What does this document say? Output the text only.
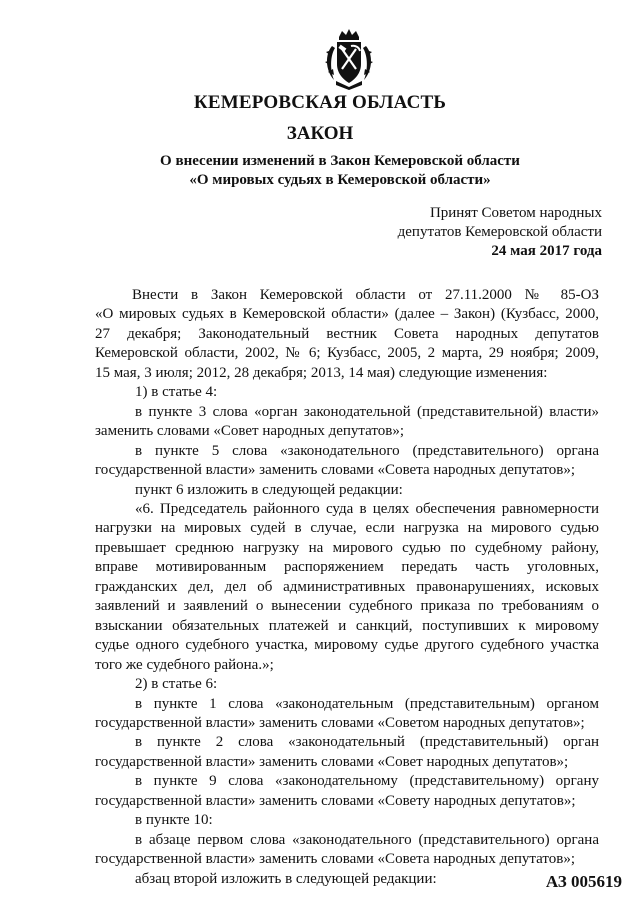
КЕМЕРОВСКАЯ ОБЛАСТЬ
ЗАКОН
О внесении изменений в Закон Кемеровской области
«О мировых судьях в Кемеровской области»
Принят Советом народных
депутатов Кемеровской области
24 мая 2017 года
Внести в Закон Кемеровской области от 27.11.2000 № 85-ОЗ
«О мировых судьях в Кемеровской области» (далее – Закон) (Кузбасс, 2000,
27 декабря; Законодательный вестник Совета народных депутатов
Кемеровской области, 2002, № 6; Кузбасс, 2005, 2 марта, 29 ноября; 2009,
15 мая, 3 июля; 2012, 28 декабря; 2013, 14 мая) следующие изменения:
1) в статье 4:
в пункте 3 слова «орган законодательной (представительной) власти»
заменить словами «Совет народных депутатов»;
в пункте 5 слова «законодательного (представительного) органа
государственной власти» заменить словами «Совета народных депутатов»;
пункт 6 изложить в следующей редакции:
«6. Председатель районного суда в целях обеспечения равномерности
нагрузки на мировых судей в случае, если нагрузка на мирового судью
превышает среднюю нагрузку на мирового судью по судебному району,
вправе мотивированным распоряжением передать часть уголовных,
гражданских дел, дел об административных правонарушениях, исковых
заявлений и заявлений о вынесении судебного приказа по требованиям о
взыскании обязательных платежей и санкций, поступивших к мировому
судье одного судебного участка, мировому судье другого судебного участка
того же судебного района.»;
2) в статье 6:
в пункте 1 слова «законодательным (представительным) органом
государственной власти» заменить словами «Советом народных депутатов»;
в пункте 2 слова «законодательный (представительный) орган
государственной власти» заменить словами «Совет народных депутатов»;
в пункте 9 слова «законодательному (представительному) органу
государственной власти» заменить словами «Совету народных депутатов»;
в пункте 10:
в абзаце первом слова «законодательного (представительного) органа
государственной власти» заменить словами «Совета народных депутатов»;
абзац второй изложить в следующей редакции:	АЗ 005619
